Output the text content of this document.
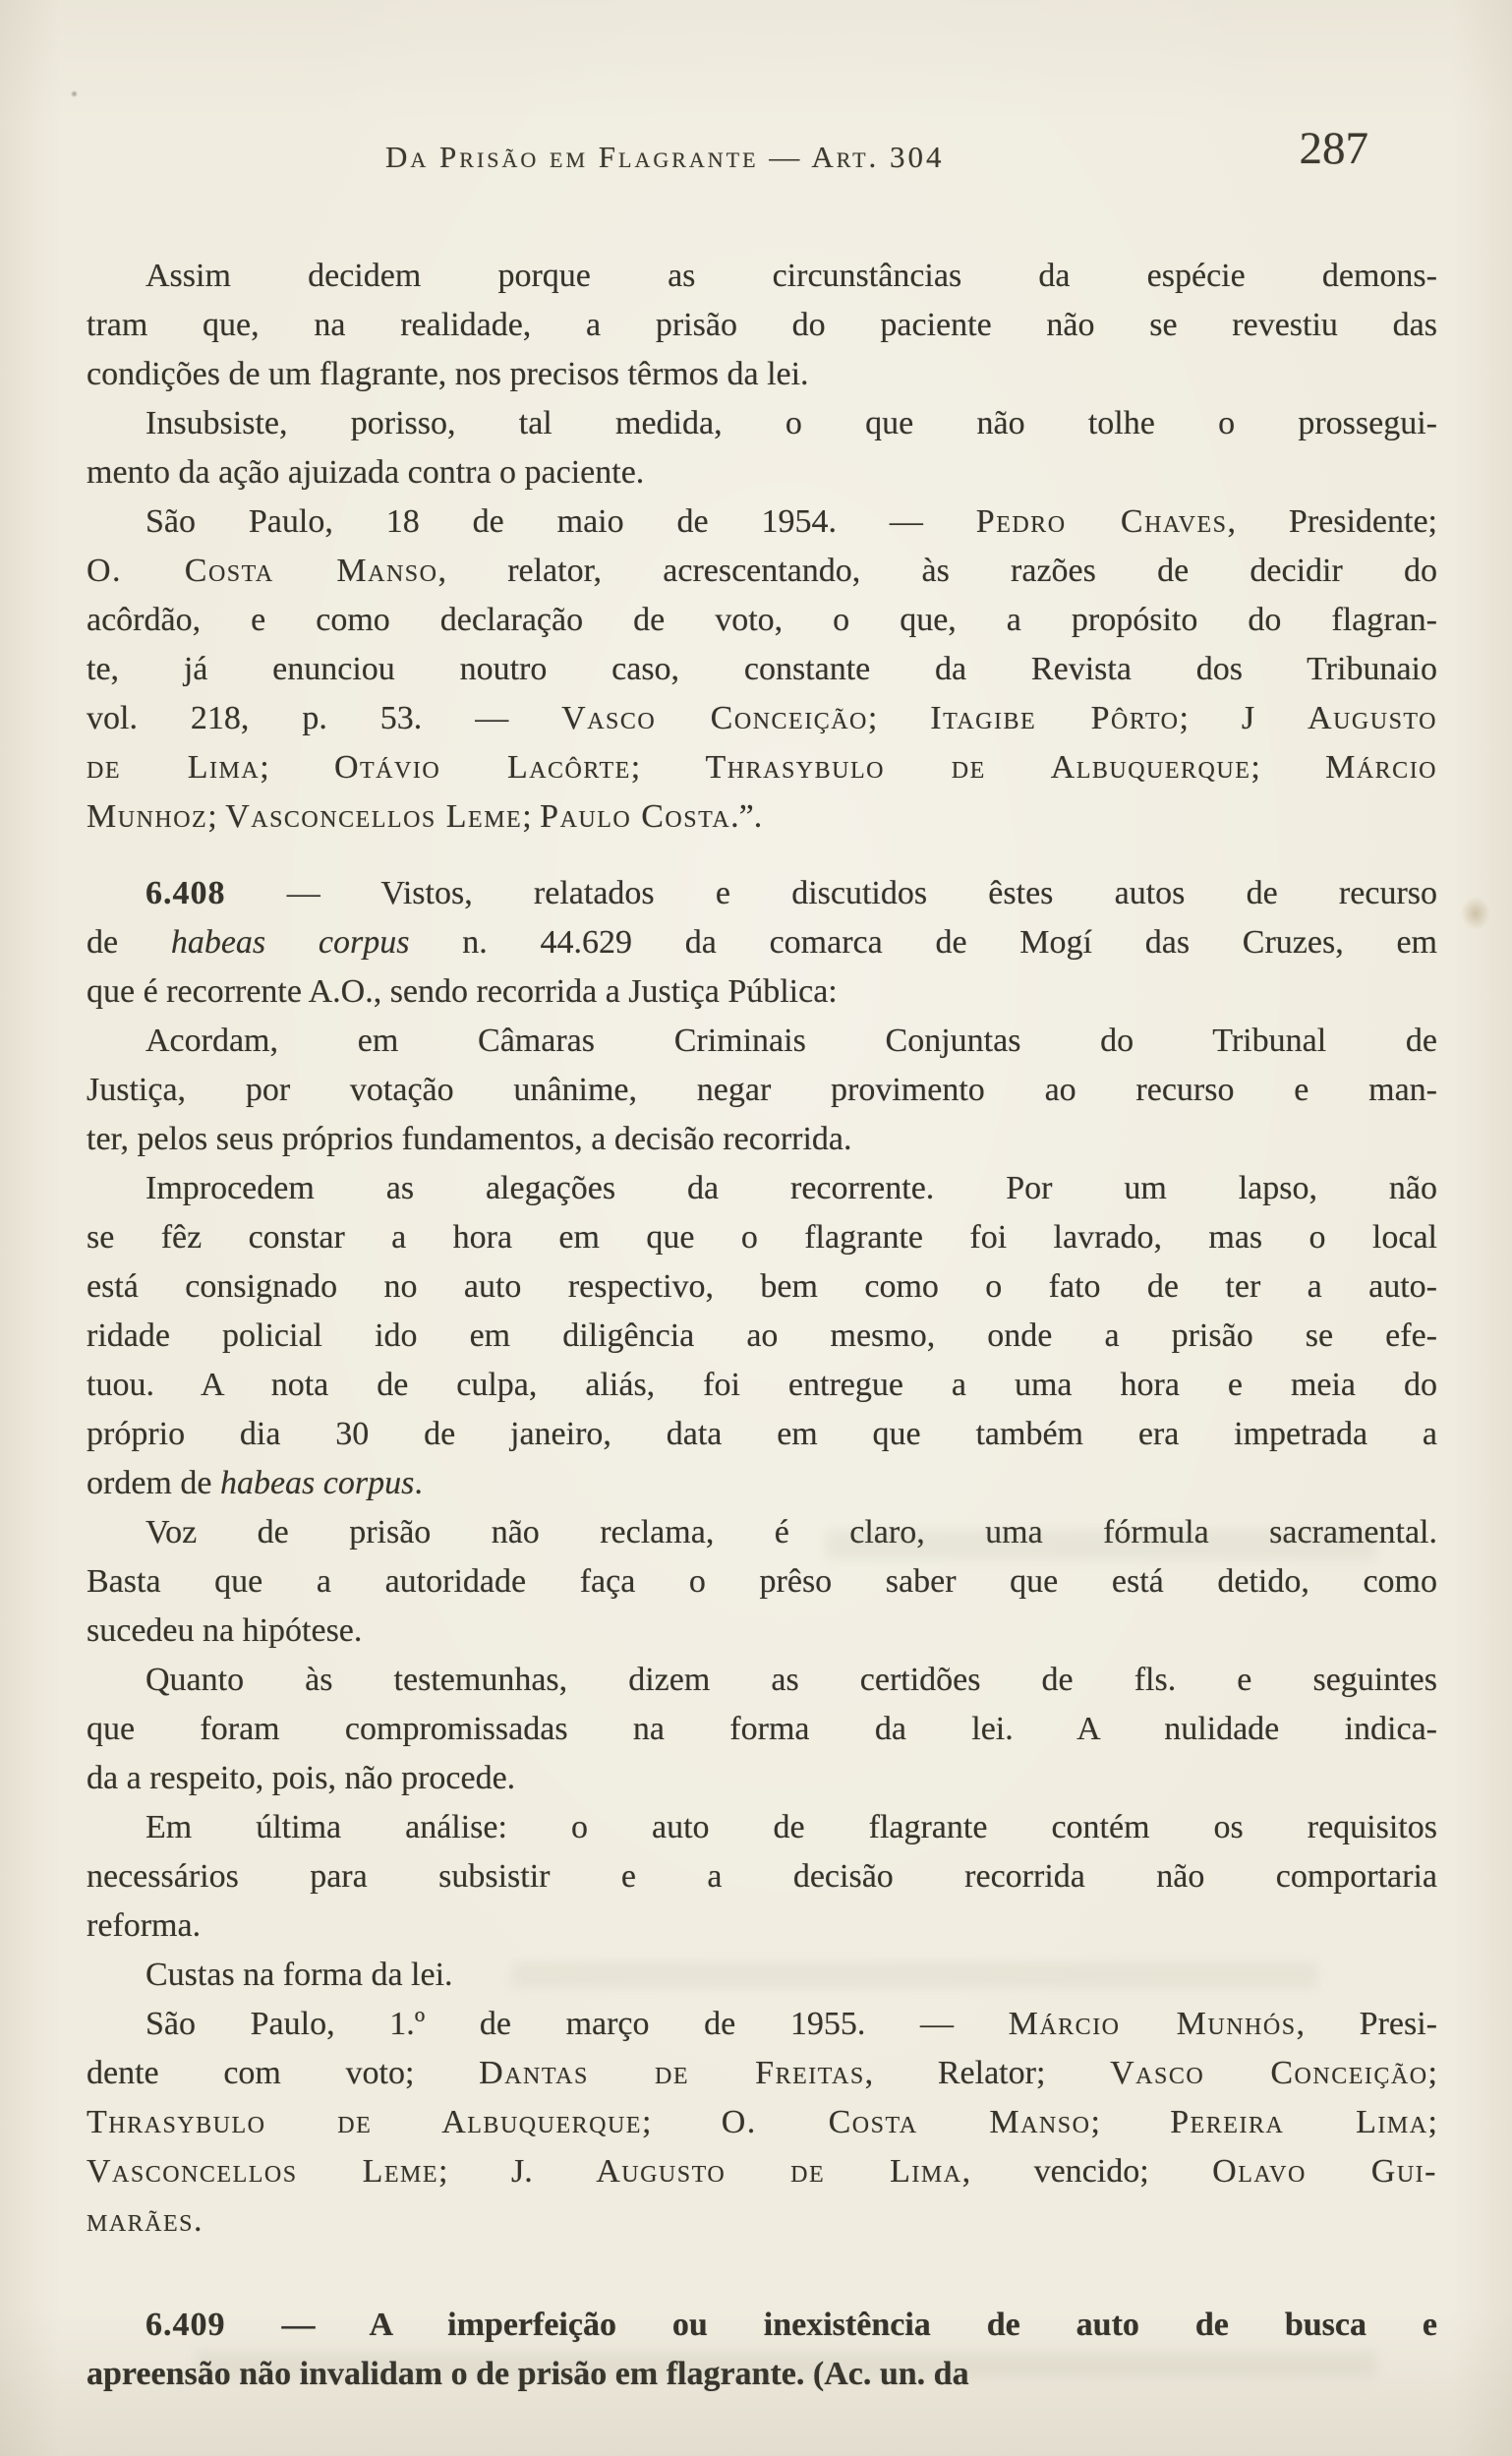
Da Prisão em Flagrante — Art. 304	287
Assim decidem porque as circunstâncias da espécie demons-
tram que, na realidade, a prisão do paciente não se revestiu das
condições de um flagrante, nos precisos têrmos da lei.
Insubsiste, porisso, tal medida, o que não tolhe o prossegui-
mento da ação ajuizada contra o paciente.
São Paulo, 18 de maio de 1954. — Pedro Chaves, Presidente;
O. Costa Manso, relator, acrescentando, às razões de decidir do
acôrdão, e como declaração de voto, o que, a propósito do flagran-
te, já enunciou noutro caso, constante da Revista dos Tribunaio
vol. 218, p. 53. — Vasco Conceição; Itagibe Pôrto; J Augusto
de Lima; Otávio Lacôrte; Thrasybulo de Albuquerque; Márcio
Munhoz; Vasconcellos Leme; Paulo Costa.”.
6.408 — Vistos, relatados e discutidos êstes autos de recurso
de habeas corpus n. 44.629 da comarca de Mogí das Cruzes, em
que é recorrente A.O., sendo recorrida a Justiça Pública:
Acordam, em Câmaras Criminais Conjuntas do Tribunal de
Justiça, por votação unânime, negar provimento ao recurso e man-
ter, pelos seus próprios fundamentos, a decisão recorrida.
Improcedem as alegações da recorrente. Por um lapso, não
se fêz constar a hora em que o flagrante foi lavrado, mas o local
está consignado no auto respectivo, bem como o fato de ter a auto-
ridade policial ido em diligência ao mesmo, onde a prisão se efe-
tuou. A nota de culpa, aliás, foi entregue a uma hora e meia do
próprio dia 30 de janeiro, data em que também era impetrada a
ordem de habeas corpus.
Voz de prisão não reclama, é claro, uma fórmula sacramental.
Basta que a autoridade faça o prêso saber que está detido, como
sucedeu na hipótese.
Quanto às testemunhas, dizem as certidões de fls. e seguintes
que foram compromissadas na forma da lei. A nulidade indica-
da a respeito, pois, não procede.
Em última análise: o auto de flagrante contém os requisitos
necessários para subsistir e a decisão recorrida não comportaria
reforma.
Custas na forma da lei.
São Paulo, 1.º de março de 1955. — Márcio Munhós, Presi-
dente com voto; Dantas de Freitas, Relator; Vasco Conceição;
Thrasybulo de Albuquerque; O. Costa Manso; Pereira Lima;
Vasconcellos Leme; J. Augusto de Lima, vencido; Olavo Gui-
marães.
6.409 — A imperfeição ou inexistência de auto de busca e
apreensão não invalidam o de prisão em flagrante. (Ac. un. da
